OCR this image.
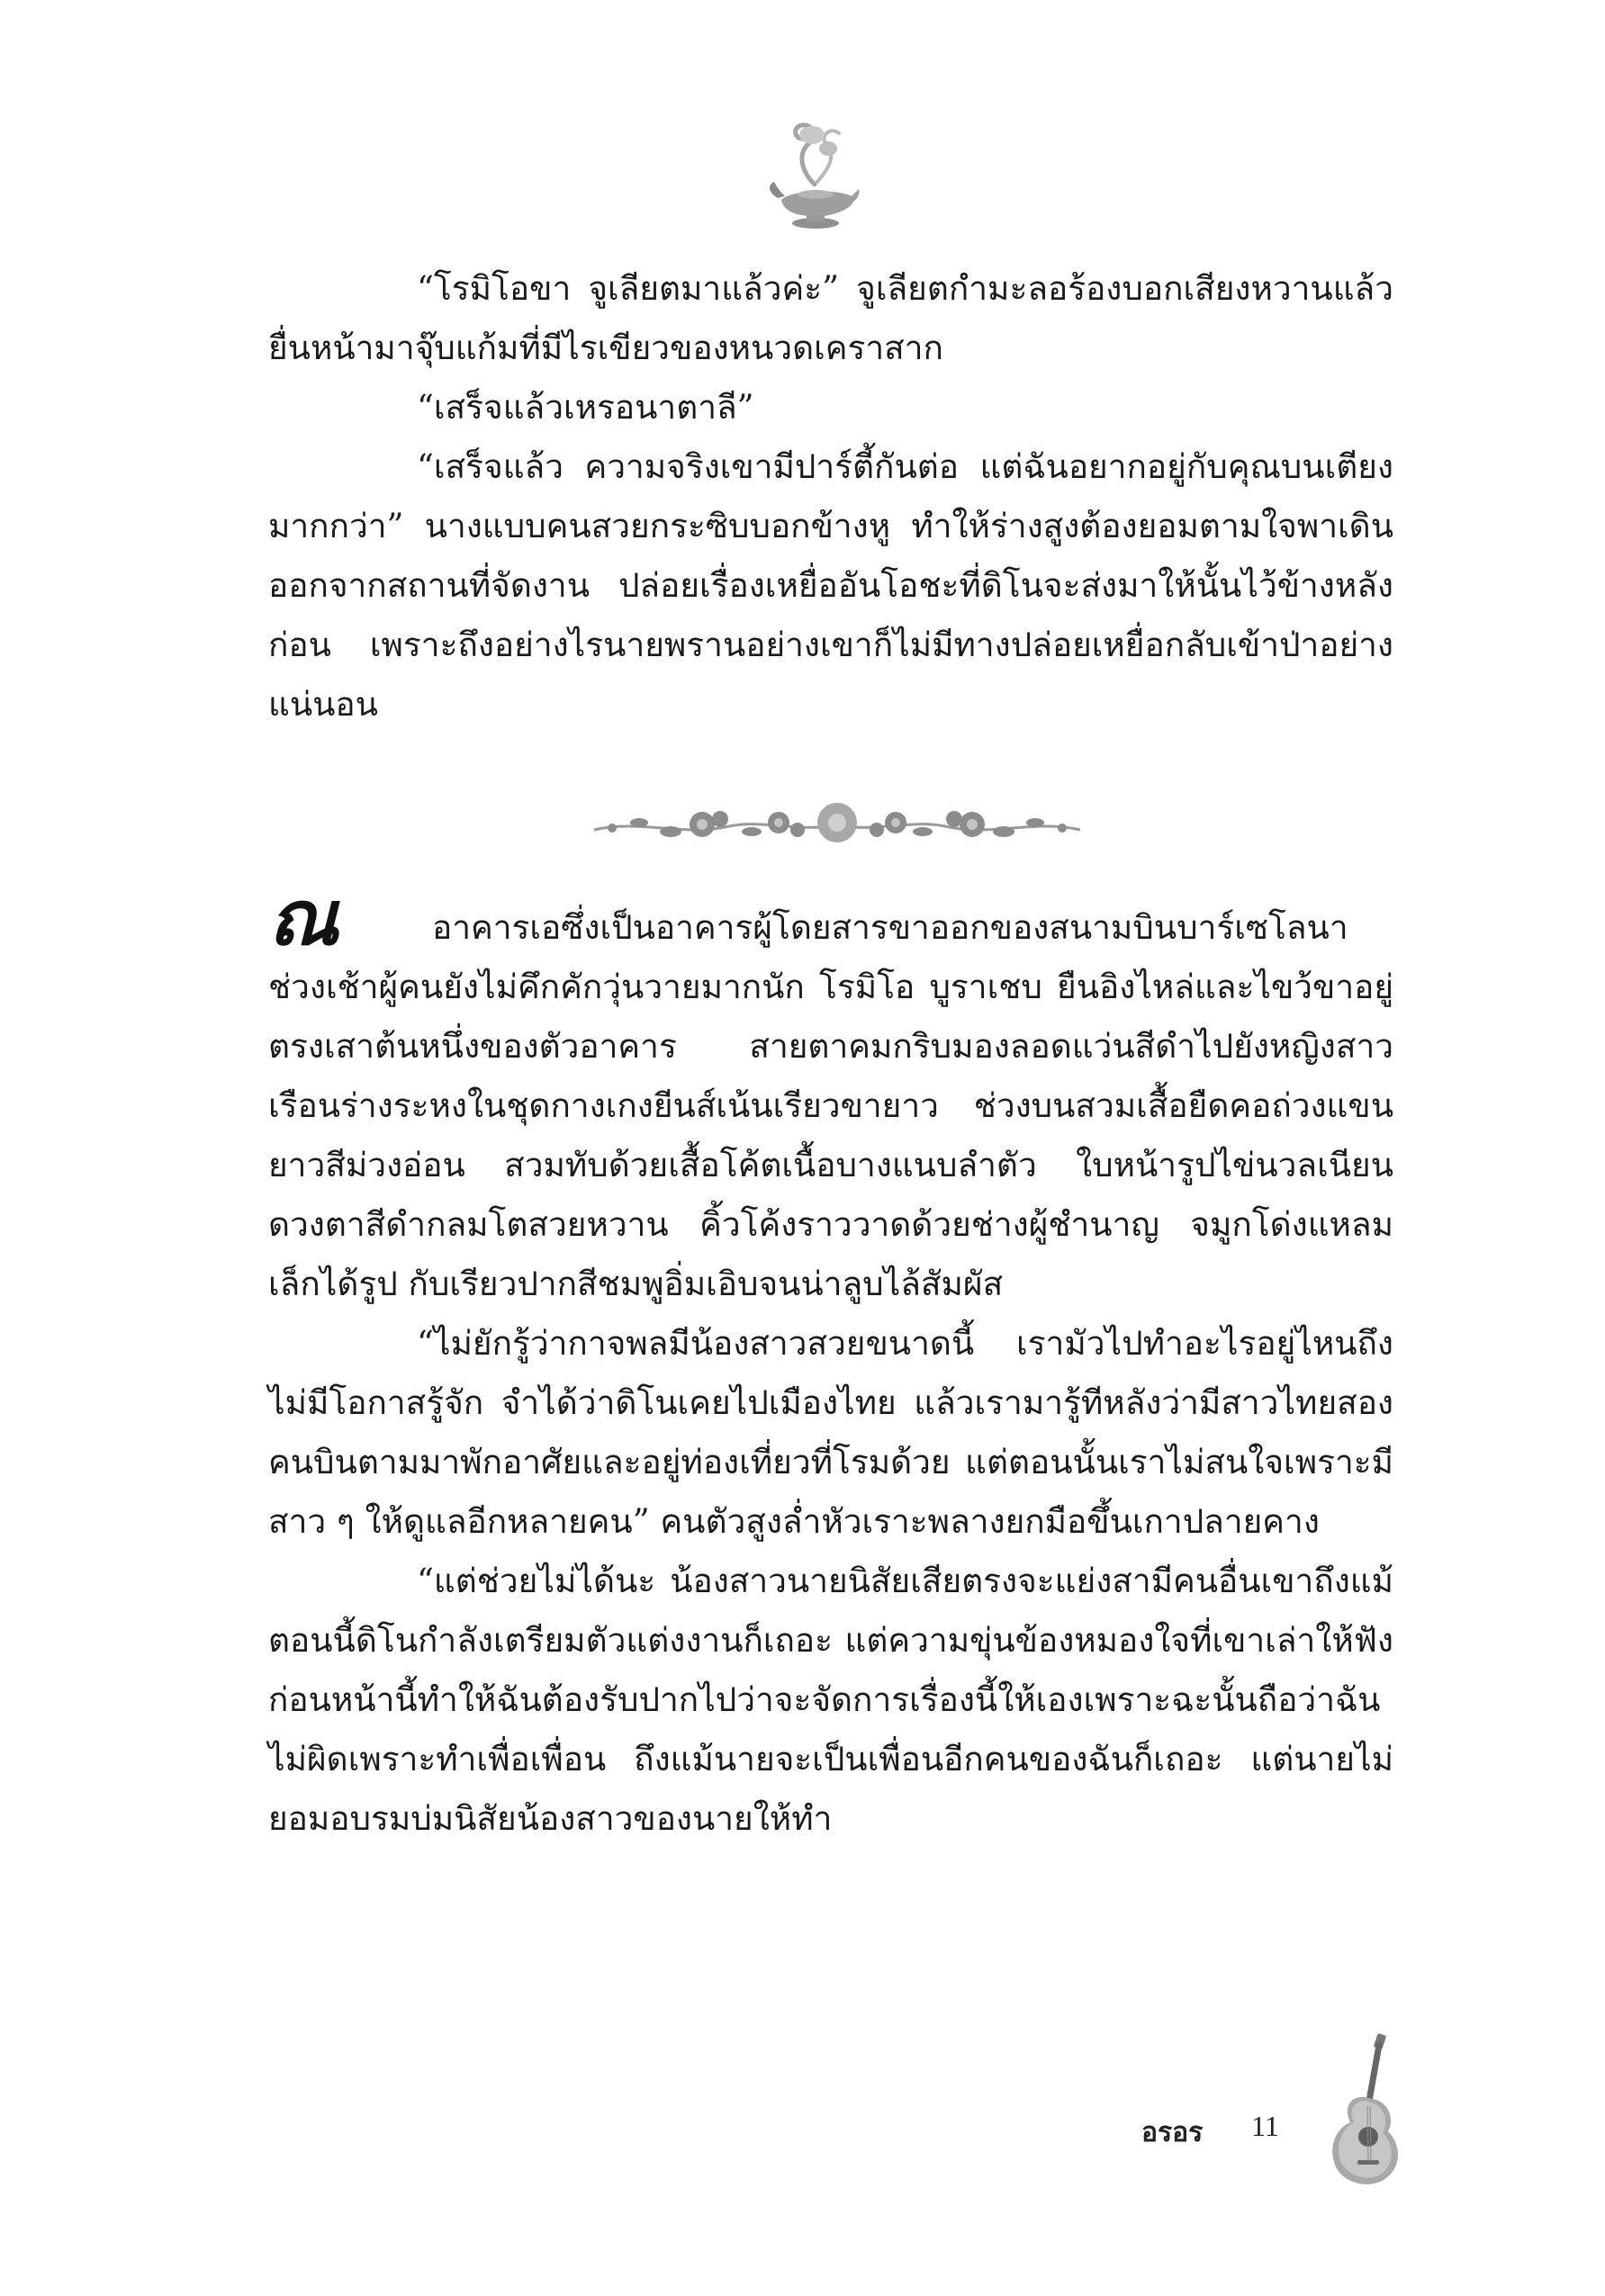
“โรมิโอขา จูเลียตมาแล้วค่ะ” จูเลียตกำมะลอร้องบอกเสียงหวานแล้วยื่นหน้ามาจุ๊บแก้มที่มีไรเขียวของหนวดเคราสาก

“เสร็จแล้วเหรอนาตาลี”

“เสร็จแล้ว ความจริงเขามีปาร์ตี้กันต่อ แต่ฉันอยากอยู่กับคุณบนเตียงมากกว่า” นางแบบคนสวยกระซิบบอกข้างหู ทำให้ร่างสูงต้องยอมตามใจพาเดินออกจากสถานที่จัดงาน ปล่อยเรื่องเหยื่ออันโอชะที่ดิโนจะส่งมาให้นั้นไว้ข้างหลังก่อน เพราะถึงอย่างไรนายพรานอย่างเขาก็ไม่มีทางปล่อยเหยื่อกลับเข้าป่าอย่างแน่นอน

ณ	อาคารเอซึ่งเป็นอาคารผู้โดยสารขาออกของสนามบินบาร์เซโลนา ช่วงเช้าผู้คนยังไม่คึกคักวุ่นวายมากนัก โรมิโอ บูราเชบ ยืนอิงไหล่และไขว้ขาอยู่ตรงเสาต้นหนึ่งของตัวอาคาร สายตาคมกริบมองลอดแว่นสีดำไปยังหญิงสาวเรือนร่างระหงในชุดกางเกงยีนส์เน้นเรียวขายาว ช่วงบนสวมเสื้อยืดคอถ่วงแขนยาวสีม่วงอ่อน สวมทับด้วยเสื้อโค้ตเนื้อบางแนบลำตัว ใบหน้ารูปไข่นวลเนียน ดวงตาสีดำกลมโตสวยหวาน คิ้วโค้งราววาดด้วยช่างผู้ชำนาญ จมูกโด่งแหลมเล็กได้รูป กับเรียวปากสีชมพูอิ่มเอิบจนน่าลูบไล้สัมผัส

“ไม่ยักรู้ว่ากาจพลมีน้องสาวสวยขนาดนี้ เรามัวไปทำอะไรอยู่ไหนถึงไม่มีโอกาสรู้จัก จำได้ว่าดิโนเคยไปเมืองไทย แล้วเรามารู้ทีหลังว่ามีสาวไทยสองคนบินตามมาพักอาศัยและอยู่ท่องเที่ยวที่โรมด้วย แต่ตอนนั้นเราไม่สนใจเพราะมีสาว ๆ ให้ดูแลอีกหลายคน” คนตัวสูงล่ำหัวเราะพลางยกมือขึ้นเกาปลายคาง

“แต่ช่วยไม่ได้นะ น้องสาวนายนิสัยเสียตรงจะแย่งสามีคนอื่นเขาถึงแม้ตอนนี้ดิโนกำลังเตรียมตัวแต่งงานก็เถอะ แต่ความขุ่นข้องหมองใจที่เขาเล่าให้ฟังก่อนหน้านี้ทำให้ฉันต้องรับปากไปว่าจะจัดการเรื่องนี้ให้เองเพราะฉะนั้นถือว่าฉันไม่ผิดเพราะทำเพื่อเพื่อน ถึงแม้นายจะเป็นเพื่อนอีกคนของฉันก็เถอะ แต่นายไม่ยอมอบรมบ่มนิสัยน้องสาวของนายให้ทำ

อรอร 11
